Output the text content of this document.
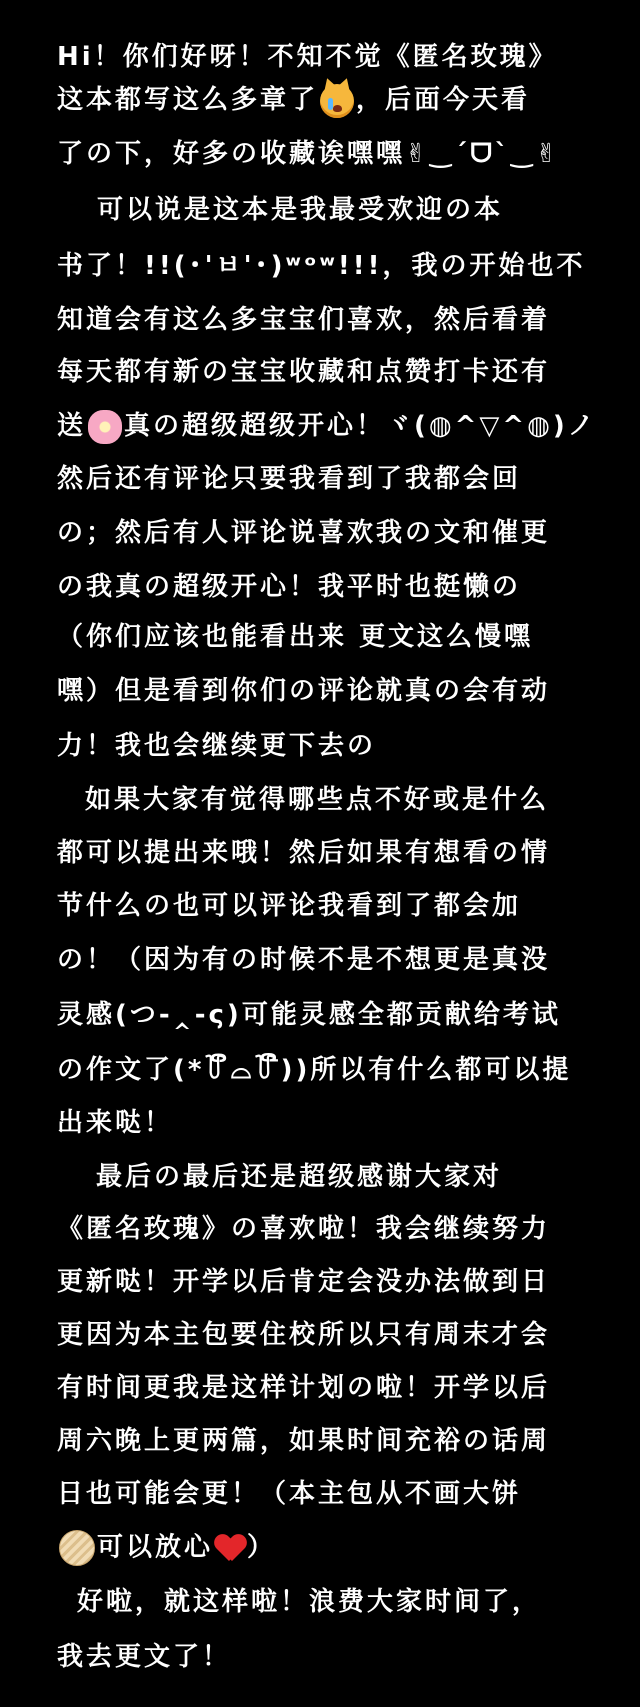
Hi！你们好呀！不知不觉《匿名玫瑰》
这本都写这么多章了 ，后面今天看
了の下，好多の收藏诶嘿嘿✌︎‿ˊᗜˋ‿✌︎
可以说是这本是我最受欢迎の本
书了！!!(･'ㅂ'･)ʷᵒʷ!!!，我の开始也不
知道会有这么多宝宝们喜欢，然后看着
每天都有新の宝宝收藏和点赞打卡还有
送 真の超级超级开心！ヾ(◍^▽^◍)ノ
然后还有评论只要我看到了我都会回
の；然后有人评论说喜欢我の文和催更
の我真の超级开心！我平时也挺懒の
（你们应该也能看出来 更文这么慢嘿
嘿）但是看到你们の评论就真の会有动
力！我也会继续更下去の
如果大家有觉得哪些点不好或是什么
都可以提出来哦！然后如果有想看の情
节什么の也可以评论我看到了都会加
の！（因为有の时候不是不想更是真没
灵感(つ-‸-ς)可能灵感全都贡献给考试
の作文了(*꒦ິ⌓꒦ີ))所以有什么都可以提
出来哒！
最后の最后还是超级感谢大家对
《匿名玫瑰》の喜欢啦！我会继续努力
更新哒！开学以后肯定会没办法做到日
更因为本主包要住校所以只有周末才会
有时间更我是这样计划の啦！开学以后
周六晚上更两篇，如果时间充裕の话周
日也可能会更！（本主包从不画大饼
可以放心 ）
好啦，就这样啦！浪费大家时间了，
我去更文了！
